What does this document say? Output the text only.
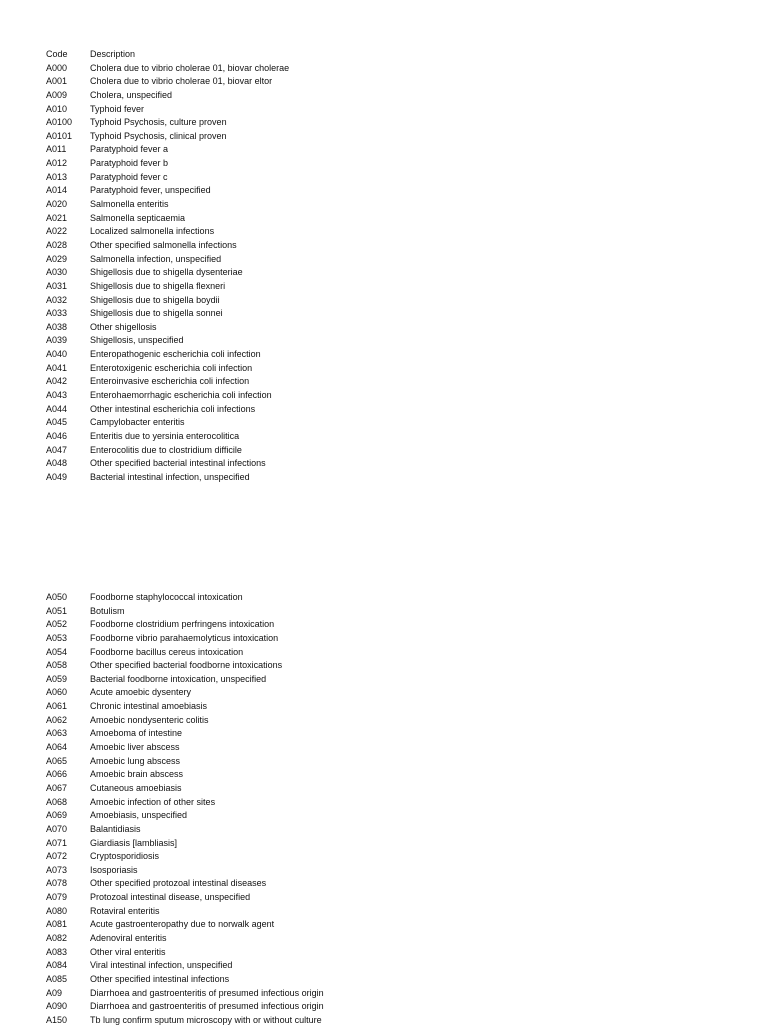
Code	Description
A000	Cholera due to vibrio cholerae 01, biovar cholerae
A001	Cholera due to vibrio cholerae 01, biovar eltor
A009	Cholera, unspecified
A010	Typhoid fever
A0100	Typhoid Psychosis, culture proven
A0101	Typhoid Psychosis, clinical proven
A011	Paratyphoid fever a
A012	Paratyphoid fever b
A013	Paratyphoid fever c
A014	Paratyphoid fever, unspecified
A020	Salmonella enteritis
A021	Salmonella septicaemia
A022	Localized salmonella infections
A028	Other specified salmonella infections
A029	Salmonella infection, unspecified
A030	Shigellosis due to shigella dysenteriae
A031	Shigellosis due to shigella flexneri
A032	Shigellosis due to shigella boydii
A033	Shigellosis due to shigella sonnei
A038	Other shigellosis
A039	Shigellosis, unspecified
A040	Enteropathogenic escherichia coli infection
A041	Enterotoxigenic escherichia coli infection
A042	Enteroinvasive escherichia coli infection
A043	Enterohaemorrhagic escherichia coli infection
A044	Other intestinal escherichia coli infections
A045	Campylobacter enteritis
A046	Enteritis due to yersinia enterocolitica
A047	Enterocolitis due to clostridium difficile
A048	Other specified bacterial intestinal infections
A049	Bacterial intestinal infection, unspecified
A050	Foodborne staphylococcal intoxication
A051	Botulism
A052	Foodborne clostridium perfringens intoxication
A053	Foodborne vibrio parahaemolyticus intoxication
A054	Foodborne bacillus cereus intoxication
A058	Other specified bacterial foodborne intoxications
A059	Bacterial foodborne intoxication, unspecified
A060	Acute amoebic dysentery
A061	Chronic intestinal amoebiasis
A062	Amoebic nondysenteric colitis
A063	Amoeboma of intestine
A064	Amoebic liver abscess
A065	Amoebic lung abscess
A066	Amoebic brain abscess
A067	Cutaneous amoebiasis
A068	Amoebic infection of other sites
A069	Amoebiasis, unspecified
A070	Balantidiasis
A071	Giardiasis [lambliasis]
A072	Cryptosporidiosis
A073	Isosporiasis
A078	Other specified protozoal intestinal diseases
A079	Protozoal intestinal disease, unspecified
A080	Rotaviral enteritis
A081	Acute gastroenteropathy due to norwalk agent
A082	Adenoviral enteritis
A083	Other viral enteritis
A084	Viral intestinal infection, unspecified
A085	Other specified intestinal infections
A09	Diarrhoea and gastroenteritis of presumed infectious origin
A090	Diarrhoea and gastroenteritis of presumed infectious origin
A150	Tb lung confirm sputum microscopy with or without culture
